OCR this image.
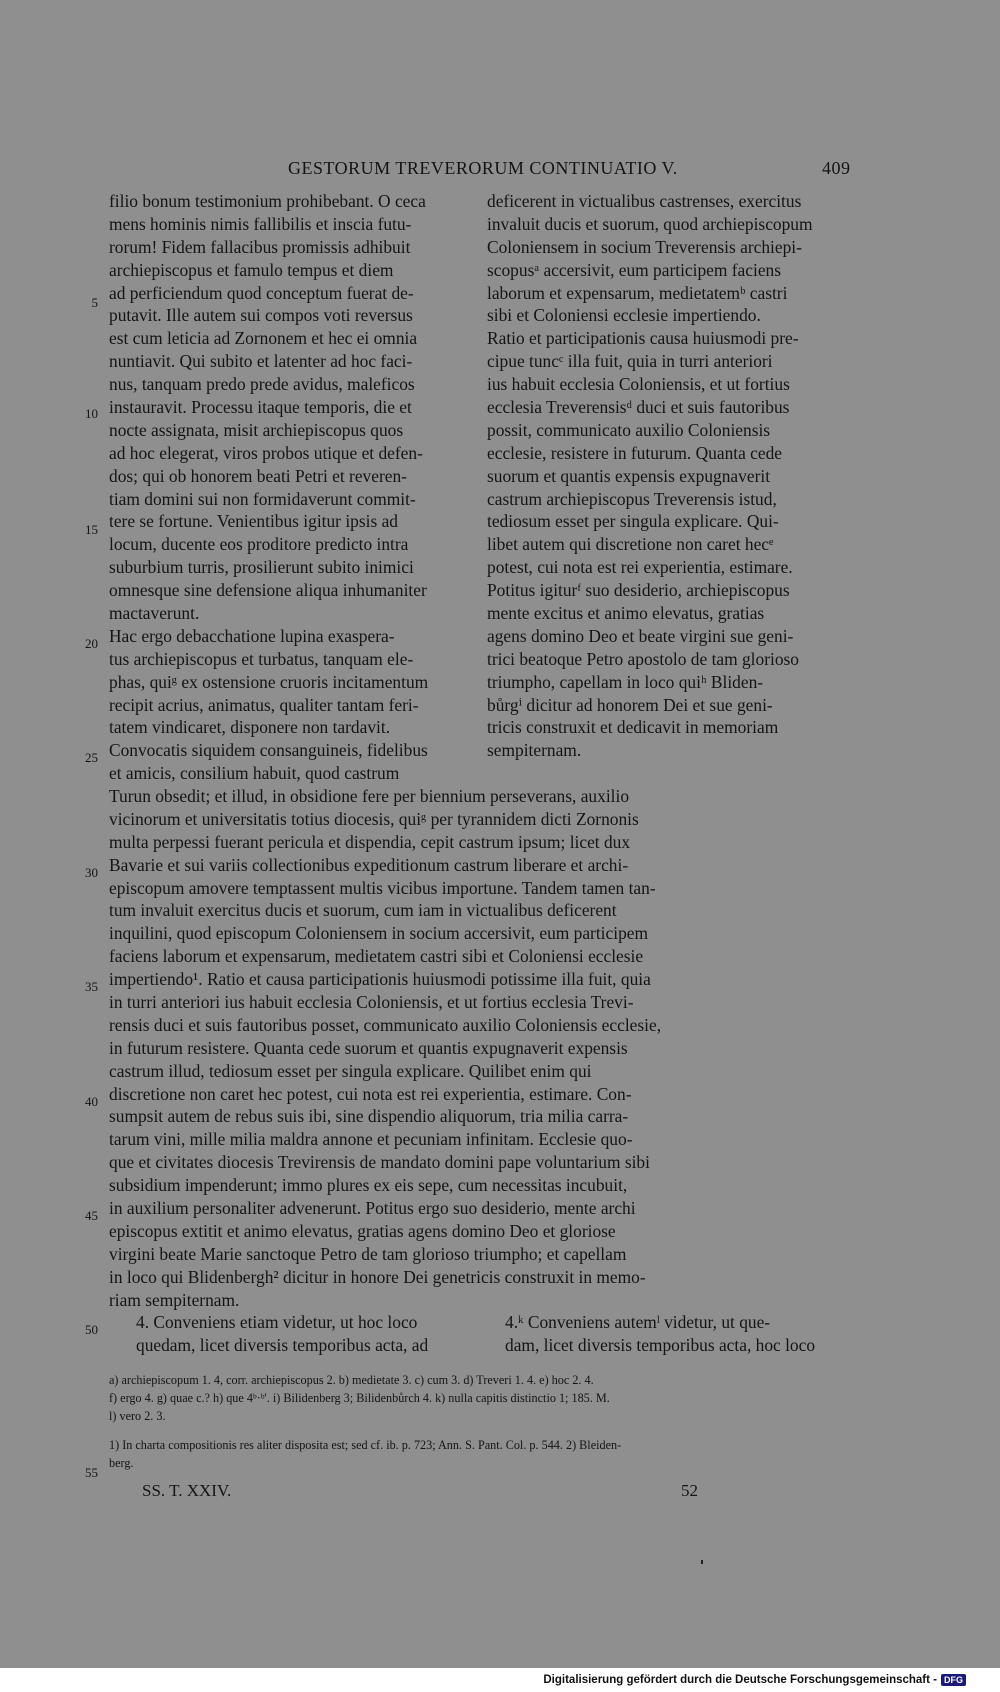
GESTORUM TREVERORUM CONTINUATIO V.	409
filio bonum testimonium prohibebant. O ceca
mens hominis nimis fallibilis et inscia futu-
rorum! Fidem fallacibus promissis adhibuit
archiepiscopus et famulo tempus et diem
ad perficiendum quod conceptum fuerat de-
putavit. Ille autem sui compos voti reversus
est cum leticia ad Zornonem et hec ei omnia
nuntiavit. Qui subito et latenter ad hoc faci-
nus, tanquam predo prede avidus, maleficos
instauravit. Processu itaque temporis, die et
nocte assignata, misit archiepiscopus quos
ad hoc elegerat, viros probos utique et defen-
dos; qui ob honorem beati Petri et reveren-
tiam domini sui non formidaverunt commit-
tere se fortune. Venientibus igitur ipsis ad
locum, ducente eos proditore predicto intra
suburbium turris, prosilierunt subito inimici
omnesque sine defensione aliqua inhumaniter
mactaverunt.
Hac ergo debacchatione lupina exaspera-
tus archiepiscopus et turbatus, tanquam ele-
phas, quiᵍ ex ostensione cruoris incitamentum
recipit acrius, animatus, qualiter tantam feri-
tatem vindicaret, disponere non tardavit.
Convocatis siquidem consanguineis, fidelibus
et amicis, consilium habuit, quod castrum
deficerent in victualibus castrenses, exercitus
invaluit ducis et suorum, quod archiepiscopum
Coloniensem in socium Treverensis archiepi-
scopusᵃ accersivit, eum participem faciens
laborum et expensarum, medietatemᵇ castri
sibi et Coloniensi ecclesie impertiendo.
Ratio et participationis causa huiusmodi pre-
cipue tuncᶜ illa fuit, quia in turri anteriori
ius habuit ecclesia Coloniensis, et ut fortius
ecclesia Treverensisᵈ duci et suis fautoribus
possit, communicato auxilio Coloniensis
ecclesie, resistere in futurum. Quanta cede
suorum et quantis expensis expugnaverit
castrum archiepiscopus Treverensis istud,
tediosum esset per singula explicare. Qui-
libet autem qui discretione non caret hecᵉ
potest, cui nota est rei experientia, estimare.
Potitus igiturᶠ suo desiderio, archiepiscopus
mente excitus et animo elevatus, gratias
agens domino Deo et beate virgini sue geni-
trici beatoque Petro apostolo de tam glorioso
triumpho, capellam in loco quiʰ Bliden-
bůrgⁱ dicitur ad honorem Dei et sue geni-
tricis construxit et dedicavit in memoriam
sempiternam.
Turun obsedit; et illud, in obsidione fere per biennium perseverans, auxilio
vicinorum et universitatis totius diocesis, quiᵍ per tyrannidem dicti Zornonis
multa perpessi fuerant pericula et dispendia, cepit castrum ipsum; licet dux
Bavarie et sui variis collectionibus expeditionum castrum liberare et archi-
episcopum amovere temptassent multis vicibus importune. Tandem tamen tan-
tum invaluit exercitus ducis et suorum, cum iam in victualibus deficerent
inquilini, quod episcopum Coloniensem in socium accersivit, eum participem
faciens laborum et expensarum, medietatem castri sibi et Coloniensi ecclesie
impertiendo¹. Ratio et causa participationis huiusmodi potissime illa fuit, quia
in turri anteriori ius habuit ecclesia Coloniensis, et ut fortius ecclesia Trevi-
rensis duci et suis fautoribus posset, communicato auxilio Coloniensis ecclesie,
in futurum resistere. Quanta cede suorum et quantis expugnaverit expensis
castrum illud, tediosum esset per singula explicare. Quilibet enim qui
discretione non caret hec potest, cui nota est rei experientia, estimare. Con-
sumpsit autem de rebus suis ibi, sine dispendio aliquorum, tria milia carra-
tarum vini, mille milia maldra annone et pecuniam infinitam. Ecclesie quo-
que et civitates diocesis Trevirensis de mandato domini pape voluntarium sibi
subsidium impenderunt; immo plures ex eis sepe, cum necessitas incubuit,
in auxilium personaliter advenerunt. Potitus ergo suo desiderio, mente archi
episcopus extitit et animo elevatus, gratias agens domino Deo et gloriose
virgini beate Marie sanctoque Petro de tam glorioso triumpho; et capellam
in loco qui Blidenbergh² dicitur in honore Dei genetricis construxit in memo-
riam sempiternam.
4. Conveniens etiam videtur, ut hoc loco
quedam, licet diversis temporibus acta, ad
4.ᵏ Conveniens autemˡ videtur, ut que-
dam, licet diversis temporibus acta, hoc loco
5
10
15
20
25
30
35
40
45
50
55
a) archiepiscopum 1. 4, corr. archiepiscopus 2. b) medietate 3. c) cum 3. d) Treveri 1. 4. e) hoc 2. 4.
f) ergo 4. g) quae c.? h) que 4ᵇ·ᵇ'. i) Bilidenberg 3; Bilidenbůrch 4. k) nulla capitis distinctio 1; 185. M.
l) vero 2. 3.
1) In charta compositionis res aliter disposita est; sed cf. ib. p. 723; Ann. S. Pant. Col. p. 544. 2) Bleiden-
berg.
SS. T. XXIV.	52
Digitalisierung gefördert durch die Deutsche Forschungsgemeinschaft - DFG
